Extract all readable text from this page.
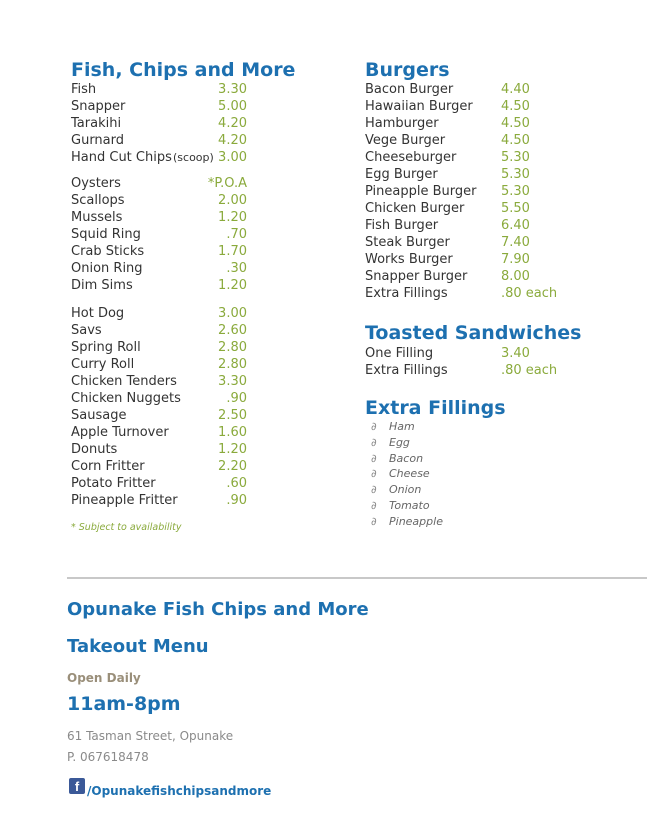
Fish, Chips and More
Fish	3.30
Snapper	5.00
Tarakihi	4.20
Gurnard	4.20
Hand Cut Chips (scoop) 3.00
Oysters	*P.O.A
Scallops	2.00
Mussels	1.20
Squid Ring	.70
Crab Sticks	1.70
Onion Ring	.30
Dim Sims	1.20
Hot Dog	3.00
Savs	2.60
Spring Roll	2.80
Curry Roll	2.80
Chicken Tenders	3.30
Chicken Nuggets	.90
Sausage	2.50
Apple Turnover	1.60
Donuts	1.20
Corn Fritter	2.20
Potato Fritter	.60
Pineapple Fritter	.90
* Subject to availability
Burgers
Bacon Burger	4.40
Hawaiian Burger 4.50
Hamburger	4.50
Vege Burger	4.50
Cheeseburger	5.30
Egg Burger	5.30
Pineapple Burger 5.30
Chicken Burger	5.50
Fish Burger	6.40
Steak Burger	7.40
Works Burger	7.90
Snapper Burger	8.00
Extra Fillings	.80 each
Toasted Sandwiches
One Filling	3.40
Extra Fillings	.80 each
Extra Fillings
∂ Ham
∂ Egg
∂ Bacon
∂ Cheese
∂ Onion
∂ Tomato
∂ Pineapple
Opunake Fish Chips and More
Takeout Menu
Open Daily
11am-8pm
61 Tasman Street, Opunake
P. 067618478
f /Opunakefishchipsandmore
